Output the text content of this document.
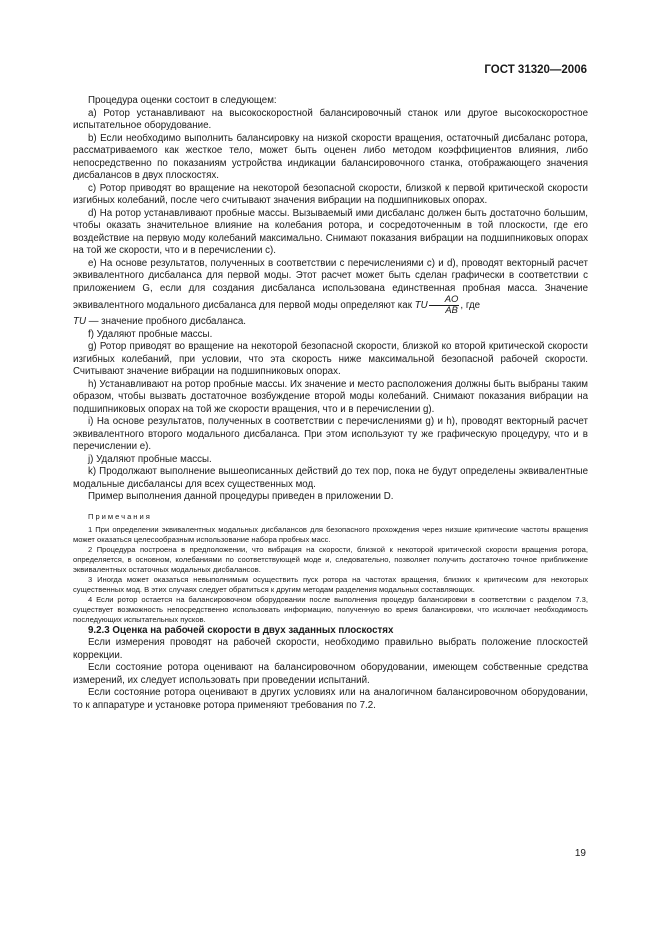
ГОСТ 31320—2006

Процедура оценки состоит в следующем:

a) Ротор устанавливают на высокоскоростной балансировочный станок или другое высокоскоростное испытательное оборудование.

b) Если необходимо выполнить балансировку на низкой скорости вращения, остаточный дисбаланс ротора, рассматриваемого как жесткое тело, может быть оценен либо методом коэффициентов влияния, либо непосредственно по показаниям устройства индикации балансировочного станка, отображающего значения дисбалансов в двух плоскостях.

c) Ротор приводят во вращение на некоторой безопасной скорости, близкой к первой критической скорости изгибных колебаний, после чего считывают значения вибрации на подшипниковых опорах.

d) На ротор устанавливают пробные массы. Вызываемый ими дисбаланс должен быть достаточно большим, чтобы оказать значительное влияние на колебания ротора, и сосредоточенным в той плоскости, где его воздействие на первую моду колебаний максимально. Снимают показания вибрации на подшипниковых опорах на той же скорости, что и в перечислении c).

e) На основе результатов, полученных в соответствии с перечислениями c) и d), проводят векторный расчет эквивалентного дисбаланса для первой моды. Этот расчет может быть сделан графически в соответствии с приложением G, если для создания дисбаланса использована единственная пробная масса. Значение эквивалентного модального дисбаланса для первой моды определяют как TU $\frac{AO}{AB}$ , где

TU — значение пробного дисбаланса.

f) Удаляют пробные массы.

g) Ротор приводят во вращение на некоторой безопасной скорости, близкой ко второй критической скорости изгибных колебаний, при условии, что эта скорость ниже максимальной безопасной рабочей скорости. Считывают значение вибрации на подшипниковых опорах.

h) Устанавливают на ротор пробные массы. Их значение и место расположения должны быть выбраны таким образом, чтобы вызвать достаточное возбуждение второй моды колебаний. Снимают показания вибрации на подшипниковых опорах на той же скорости вращения, что и в перечислении g).

i) На основе результатов, полученных в соответствии с перечислениями g) и h), проводят векторный расчет эквивалентного второго модального дисбаланса. При этом используют ту же графическую процедуру, что и в перечислении e).

j) Удаляют пробные массы.

k) Продолжают выполнение вышеописанных действий до тех пор, пока не будут определены эквивалентные модальные дисбалансы для всех существенных мод.

Пример выполнения данной процедуры приведен в приложении D.

Примечания

1 При определении эквивалентных модальных дисбалансов для безопасного прохождения через низшие критические частоты вращения может оказаться целесообразным использование набора пробных масс.

2 Процедура построена в предположении, что вибрация на скорости, близкой к некоторой критической скорости вращения ротора, определяется, в основном, колебаниями по соответствующей моде и, следовательно, позволяет получить достаточно точное приближение эквивалентных остаточных модальных дисбалансов.

3 Иногда может оказаться невыполнимым осуществить пуск ротора на частотах вращения, близких к критическим для некоторых существенных мод. В этих случаях следует обратиться к другим методам разделения модальных составляющих.

4 Если ротор остается на балансировочном оборудовании после выполнения процедур балансировки в соответствии с разделом 7.3, существует возможность непосредственно использовать информацию, полученную во время балансировки, что исключает необходимость последующих испытательных пусков.

9.2.3 Оценка на рабочей скорости в двух заданных плоскостях

Если измерения проводят на рабочей скорости, необходимо правильно выбрать положение плоскостей коррекции.

Если состояние ротора оценивают на балансировочном оборудовании, имеющем собственные средства измерений, их следует использовать при проведении испытаний.

Если состояние ротора оценивают в других условиях или на аналогичном балансировочном оборудовании, то к аппаратуре и установке ротора применяют требования по 7.2.

19
